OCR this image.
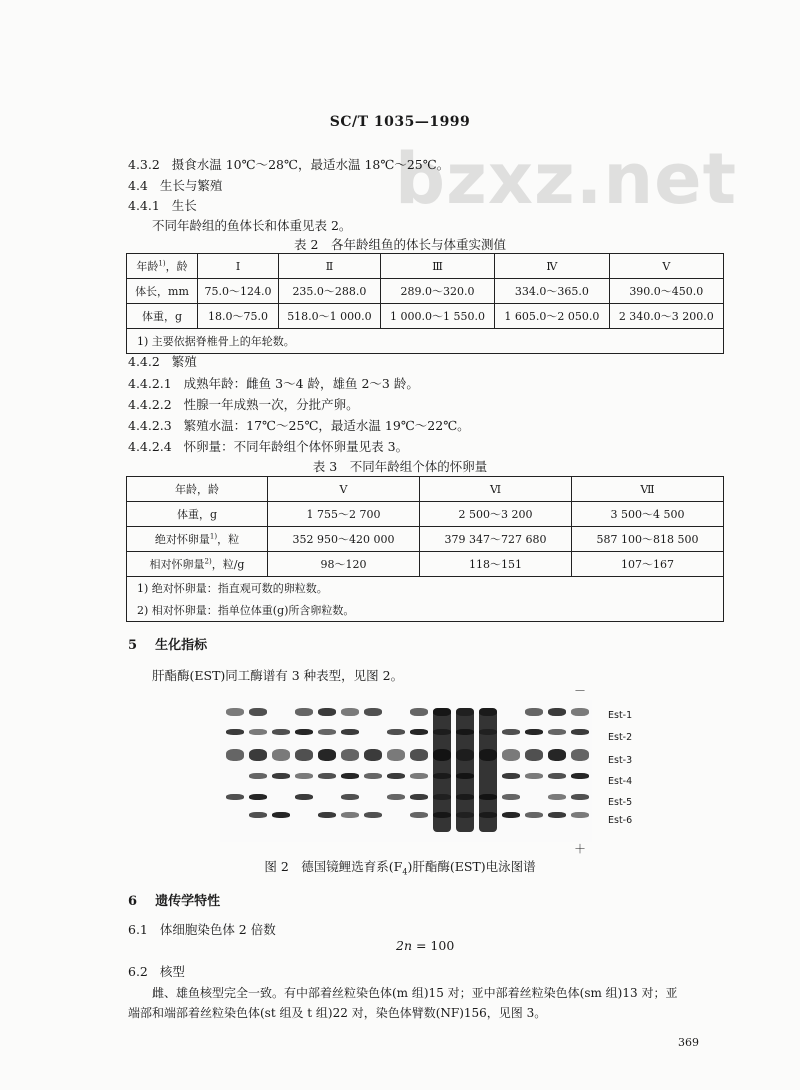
bzxz.net
SC/T 1035—1999
4.3.2 摄食水温 10℃～28℃，最适水温 18℃～25℃。
4.4 生长与繁殖
4.4.1 生长
不同年龄组的鱼体长和体重见表 2。
表 2　各年龄组鱼的体长与体重实测值
年龄$^{1)}$，龄	Ⅰ	Ⅱ	Ⅲ	Ⅳ	Ⅴ
体长，mm	75.0～124.0	235.0～288.0	289.0～320.0	334.0～365.0	390.0～450.0
体重，g	18.0～75.0	518.0～1 000.0	1 000.0～1 550.0	1 605.0～2 050.0	2 340.0～3 200.0
1) 主要依据脊椎骨上的年轮数。					
4.4.2 繁殖
4.4.2.1 成熟年龄：雌鱼 3～4 龄，雄鱼 2～3 龄。
4.4.2.2 性腺一年成熟一次，分批产卵。
4.4.2.3 繁殖水温：17℃～25℃，最适水温 19℃～22℃。
4.4.2.4 怀卵量：不同年龄组个体怀卵量见表 3。
表 3　不同年龄组个体的怀卵量
年龄，龄	Ⅴ	Ⅵ	Ⅶ
体重，g	1 755～2 700	2 500～3 200	3 500～4 500
绝对怀卵量$^{1)}$，粒	352 950～420 000	379 347～727 680	587 100～818 500
相对怀卵量$^{2)}$，粒/g	98～120	118～151	107～167
1) 绝对怀卵量：指直观可数的卵粒数。			
2) 相对怀卵量：指单位体重(g)所含卵粒数。			
5 生化指标
肝酯酶(EST)同工酶谱有 3 种表型，见图 2。
－
＋
Est-1
Est-2
Est-3
Est-4
Est-5
Est-6
图 2　德国镜鲤选育系$(F_4)$肝酯酶(EST)电泳图谱
6 遗传学特性
6.1 体细胞染色体 2 倍数
2n = 100
6.2 核型
雌、雄鱼核型完全一致。有中部着丝粒染色体(m 组)15 对；亚中部着丝粒染色体(sm 组)13 对；亚
端部和端部着丝粒染色体(st 组及 t 组)22 对，染色体臂数(NF)156，见图 3。
369
